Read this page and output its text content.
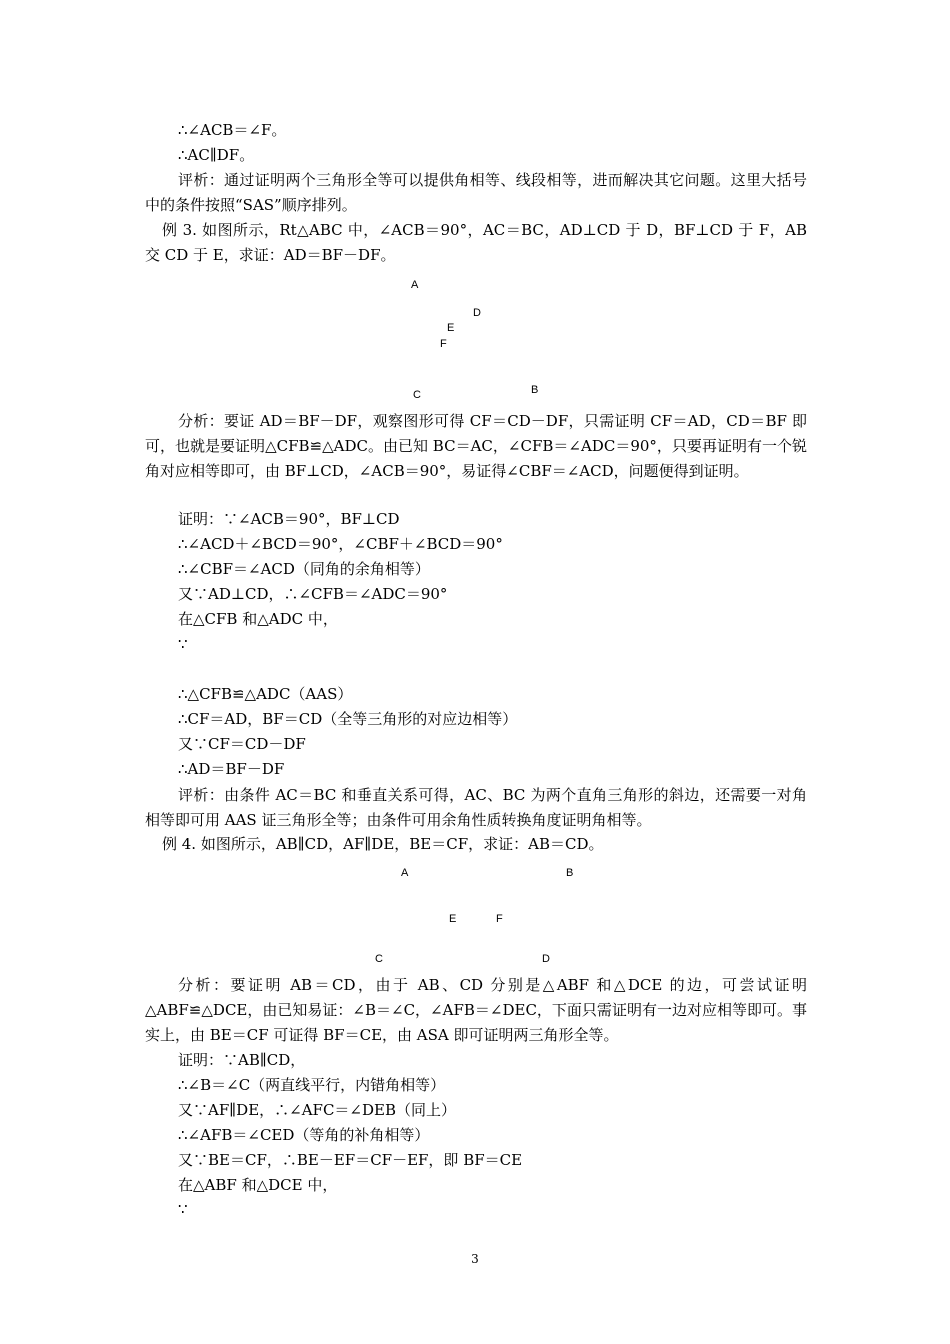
∴∠ACB＝∠F。
∴AC∥DF。
评析：通过证明两个三角形全等可以提供角相等、线段相等，进而解决其它问题。这里大括号中的条件按照“SAS”顺序排列。
例 3. 如图所示，Rt△ABC 中，∠ACB＝90°，AC＝BC，AD⊥CD 于 D，BF⊥CD 于 F，AB 交 CD 于 E，求证：AD＝BF－DF。
A
D
E
F
C	B
分析：要证 AD＝BF－DF，观察图形可得 CF＝CD－DF，只需证明 CF＝AD，CD＝BF 即可，也就是要证明△CFB≌△ADC。由已知 BC＝AC，∠CFB＝∠ADC＝90°，只要再证明有一个锐角对应相等即可，由 BF⊥CD，∠ACB＝90°，易证得∠CBF＝∠ACD，问题便得到证明。
证明：∵∠ACB＝90°，BF⊥CD
∴∠ACD＋∠BCD＝90°，∠CBF＋∠BCD＝90°
∴∠CBF＝∠ACD（同角的余角相等）
又∵AD⊥CD，∴∠CFB＝∠ADC＝90°
在△CFB 和△ADC 中，
∵
∴△CFB≌△ADC（AAS）
∴CF＝AD，BF＝CD（全等三角形的对应边相等）
又∵CF＝CD－DF
∴AD＝BF－DF
评析：由条件 AC＝BC 和垂直关系可得，AC、BC 为两个直角三角形的斜边，还需要一对角相等即可用 AAS 证三角形全等；由条件可用余角性质转换角度证明角相等。
例 4. 如图所示，AB∥CD，AF∥DE，BE＝CF，求证：AB＝CD。
A	B
E	F
C	D
分析：要证明 AB＝CD，由于 AB、CD 分别是△ABF 和△DCE 的边，可尝试证明△ABF≌△DCE，由已知易证：∠B＝∠C，∠AFB＝∠DEC，下面只需证明有一边对应相等即可。事实上，由 BE＝CF 可证得 BF＝CE，由 ASA 即可证明两三角形全等。
证明：∵AB∥CD，
∴∠B＝∠C（两直线平行，内错角相等）
又∵AF∥DE，∴∠AFC＝∠DEB（同上）
∴∠AFB＝∠CED（等角的补角相等）
又∵BE＝CF，∴BE－EF＝CF－EF，即 BF＝CE
在△ABF 和△DCE 中，
∵
3
